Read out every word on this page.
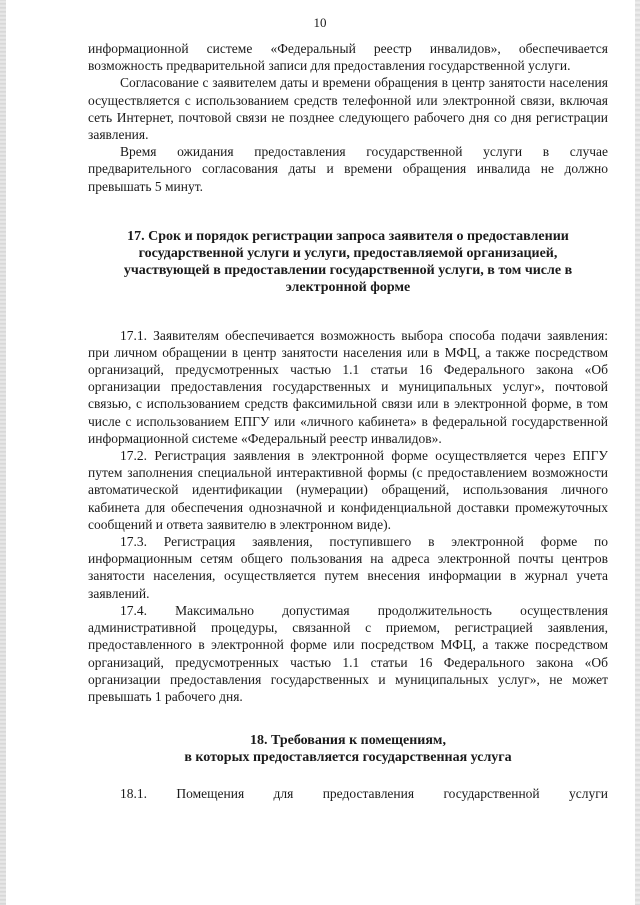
10

информационной системе «Федеральный реестр инвалидов», обеспечивается возможность предварительной записи для предоставления государственной услуги.

Согласование с заявителем даты и времени обращения в центр занятости населения осуществляется с использованием средств телефонной или электронной связи, включая сеть Интернет, почтовой связи не позднее следующего рабочего дня со дня регистрации заявления.

Время ожидания предоставления государственной услуги в случае предварительного согласования даты и времени обращения инвалида не должно превышать 5 минут.

17. Срок и порядок регистрации запроса заявителя о предоставлении
государственной услуги и услуги, предоставляемой организацией,
участвующей в предоставлении государственной услуги, в том числе в
электронной форме

17.1. Заявителям обеспечивается возможность выбора способа подачи заявления: при личном обращении в центр занятости населения или в МФЦ, а также посредством организаций, предусмотренных частью 1.1 статьи 16 Федерального закона «Об организации предоставления государственных и муниципальных услуг», почтовой связью, с использованием средств факсимильной связи или в электронной форме, в том числе с использованием ЕПГУ или «личного кабинета» в федеральной государственной информационной системе «Федеральный реестр инвалидов».

17.2. Регистрация заявления в электронной форме осуществляется через ЕПГУ путем заполнения специальной интерактивной формы (с предоставлением возможности автоматической идентификации (нумерации) обращений, использования личного кабинета для обеспечения однозначной и конфиденциальной доставки промежуточных сообщений и ответа заявителю в электронном виде).

17.3. Регистрация заявления, поступившего в электронной форме по информационным сетям общего пользования на адреса электронной почты центров занятости населения, осуществляется путем внесения информации в журнал учета заявлений.

17.4. Максимально допустимая продолжительность осуществления административной процедуры, связанной с приемом, регистрацией заявления, предоставленного в электронной форме или посредством МФЦ, а также посредством организаций, предусмотренных частью 1.1 статьи 16 Федерального закона «Об организации предоставления государственных и муниципальных услуг», не может превышать 1 рабочего дня.

18. Требования к помещениям,
в которых предоставляется государственная услуга

18.1. Помещения для предоставления государственной услуги
